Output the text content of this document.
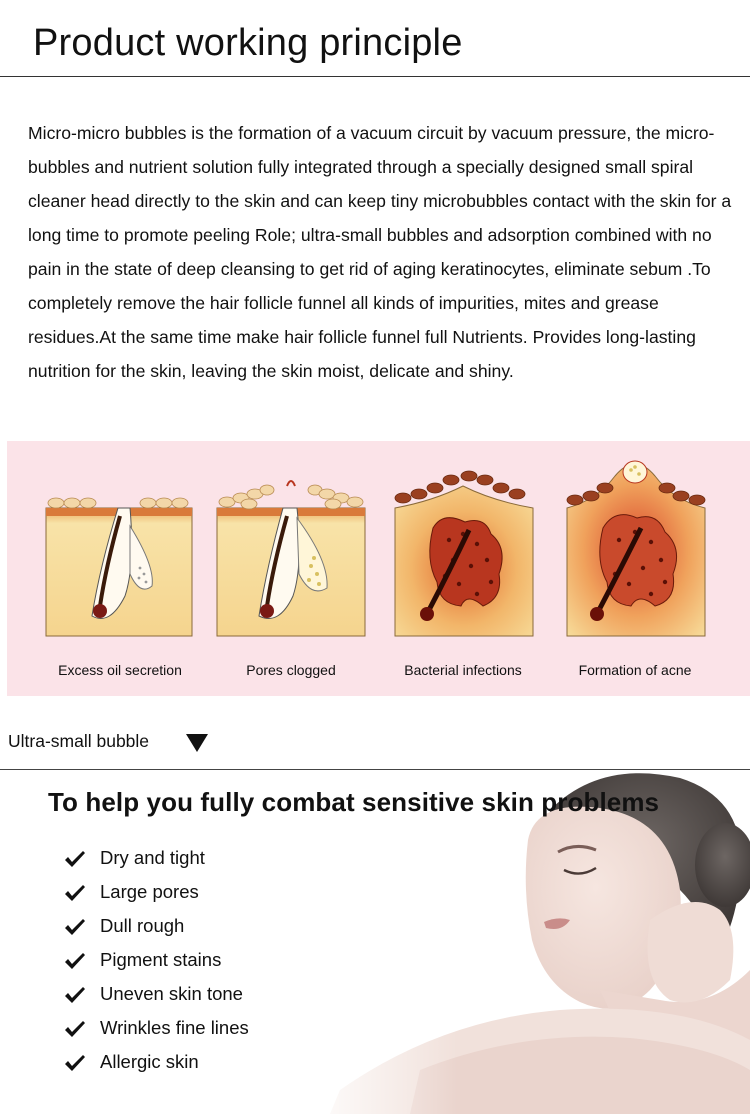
Product working principle

Micro-micro bubbles is the formation of a vacuum circuit by vacuum pressure, the micro-bubbles and nutrient solution fully integrated through a specially designed small spiral cleaner head directly to the skin and can keep tiny microbubbles contact with the skin for a long time to promote peeling Role; ultra-small bubbles and adsorption combined with no pain in the state of deep cleansing to get rid of aging keratinocytes, eliminate sebum .To completely remove the hair follicle funnel all kinds of impurities, mites and grease residues.At the same time make hair follicle funnel full Nutrients. Provides long-lasting nutrition for the skin, leaving the skin moist, delicate and shiny.

Excess oil secretion	Pores clogged	Bacterial infections	Formation of acne
Ultra-small bubble
To help you fully combat sensitive skin problems
Dry and tight
Large pores
Dull rough
Pigment stains
Uneven skin tone
Wrinkles fine lines
Allergic skin
